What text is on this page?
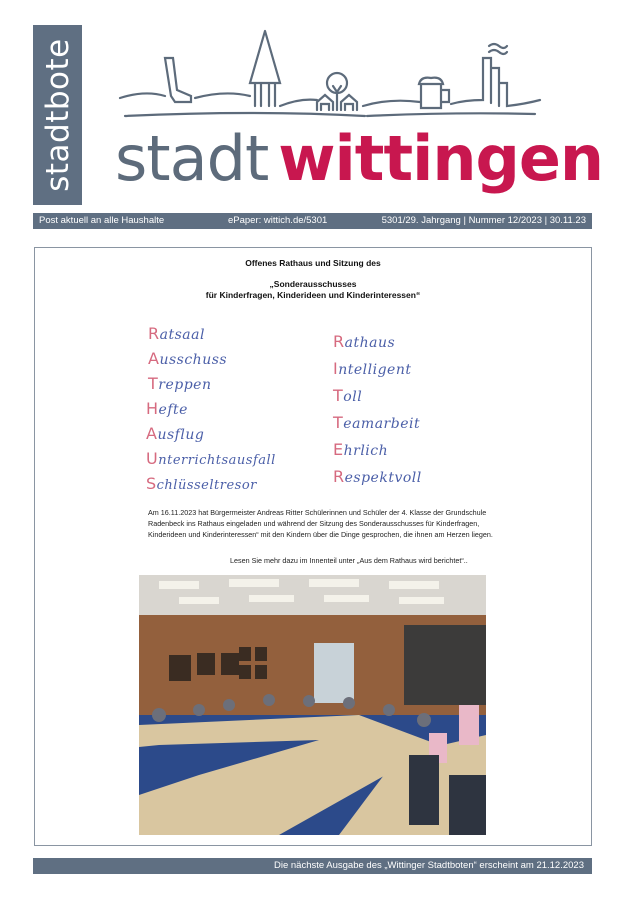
stadtbote stadt wittingen
Post aktuell an alle Haushalte	ePaper: wittich.de/5301	5301/29. Jahrgang | Nummer 12/2023 | 30.11.23
Offenes Rathaus und Sitzung des
„Sonderausschusses
für Kinderfragen, Kinderideen und Kinderinteressen“
Ratsaal
Ausschuss
Treppen
Hefte
Ausflug
Unterrichtsausfall
Schlüsseltresor
Rathaus
Intelligent
Toll
Teamarbeit
Ehrlich
Respektvoll
Am 16.11.2023 hat Bürgermeister Andreas Ritter Schülerinnen und Schüler der 4. Klasse der Grundschule Radenbeck ins Rathaus eingeladen und während der Sitzung des Sonderausschusses für Kinderfragen, Kinderideen und Kinderinteressen“ mit den Kindern über die Dinge gesprochen, die ihnen am Herzen liegen.
Lesen Sie mehr dazu im Innenteil unter „Aus dem Rathaus wird berichtet“..
Die nächste Ausgabe des „Wittinger Stadtboten“ erscheint am 21.12.2023
